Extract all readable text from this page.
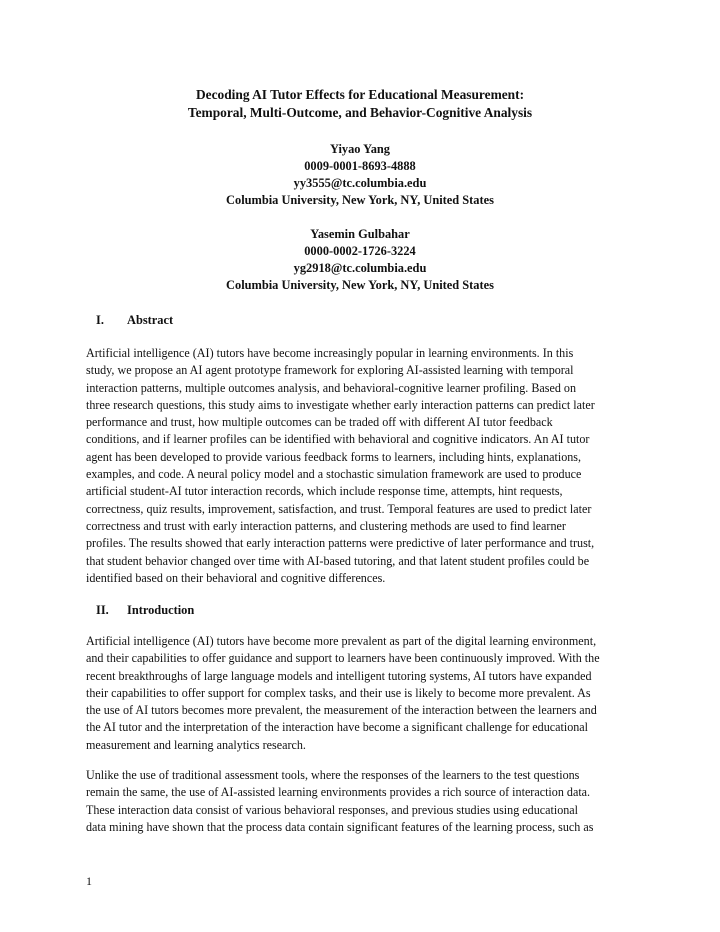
Decoding AI Tutor Effects for Educational Measurement:
Temporal, Multi-Outcome, and Behavior-Cognitive Analysis
Yiyao Yang
0009-0001-8693-4888
yy3555@tc.columbia.edu
Columbia University, New York, NY, United States
Yasemin Gulbahar
0000-0002-1726-3224
yg2918@tc.columbia.edu
Columbia University, New York, NY, United States
I. Abstract
Artificial intelligence (AI) tutors have become increasingly popular in learning environments. In this
study, we propose an AI agent prototype framework for exploring AI-assisted learning with temporal
interaction patterns, multiple outcomes analysis, and behavioral-cognitive learner profiling. Based on
three research questions, this study aims to investigate whether early interaction patterns can predict later
performance and trust, how multiple outcomes can be traded off with different AI tutor feedback
conditions, and if learner profiles can be identified with behavioral and cognitive indicators. An AI tutor
agent has been developed to provide various feedback forms to learners, including hints, explanations,
examples, and code. A neural policy model and a stochastic simulation framework are used to produce
artificial student-AI tutor interaction records, which include response time, attempts, hint requests,
correctness, quiz results, improvement, satisfaction, and trust. Temporal features are used to predict later
correctness and trust with early interaction patterns, and clustering methods are used to find learner
profiles. The results showed that early interaction patterns were predictive of later performance and trust,
that student behavior changed over time with AI-based tutoring, and that latent student profiles could be
identified based on their behavioral and cognitive differences.
II. Introduction
Artificial intelligence (AI) tutors have become more prevalent as part of the digital learning environment,
and their capabilities to offer guidance and support to learners have been continuously improved. With the
recent breakthroughs of large language models and intelligent tutoring systems, AI tutors have expanded
their capabilities to offer support for complex tasks, and their use is likely to become more prevalent. As
the use of AI tutors becomes more prevalent, the measurement of the interaction between the learners and
the AI tutor and the interpretation of the interaction have become a significant challenge for educational
measurement and learning analytics research.
Unlike the use of traditional assessment tools, where the responses of the learners to the test questions
remain the same, the use of AI-assisted learning environments provides a rich source of interaction data.
These interaction data consist of various behavioral responses, and previous studies using educational
data mining have shown that the process data contain significant features of the learning process, such as
1
